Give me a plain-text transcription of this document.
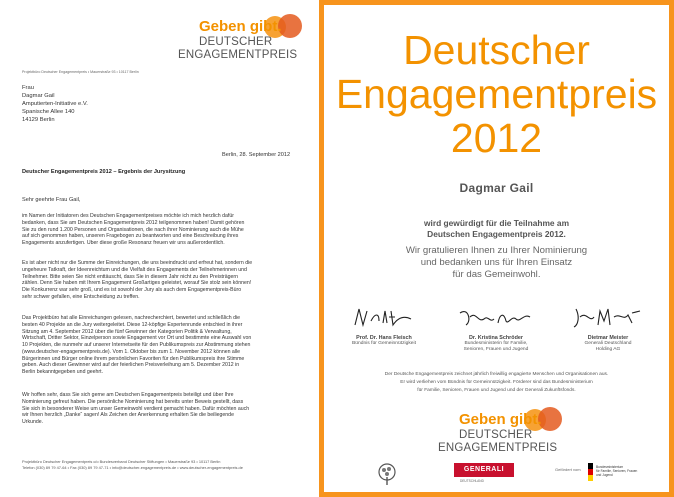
Geben gibt.
DEUTSCHER
ENGAGEMENTPREIS
Projektbüro Deutscher Engagementpreis • Mauerstraße 93 • 10117 Berlin
Frau
Dagmar Gail
Amputierten-Initiative e.V.
Spanische Allee 140
14129 Berlin
Berlin, 28. September 2012
Deutscher Engagementpreis 2012 – Ergebnis der Jurysitzung
Sehr geehrte Frau Gail,
im Namen der Initiatoren des Deutschen Engagementpreises möchte ich mich herzlich dafür
bedanken, dass Sie am Deutschen Engagementpreis 2012 teilgenommen haben! Damit gehören
Sie zu den rund 1.200 Personen und Organisationen, die nach ihrer Nominierung auch die Mühe
auf sich genommen haben, unseren Fragebogen zu beantworten und eine Beschreibung ihres
Engagements anzufertigen. Über diese große Resonanz freuen wir uns außerordentlich.
Es ist aber nicht nur die Summe der Einreichungen, die uns beeindruckt und erfreut hat, sondern die
ungeheure Tatkraft, der Ideenreichtum und die Vielfalt des Engagements der Teilnehmerinnen und
Teilnehmer. Bitte seien Sie nicht enttäuscht, dass Sie in diesem Jahr nicht zu den Preisträgern
zählen. Denn Sie haben mit Ihrem Engagement Großartiges geleistet, worauf Sie stolz sein können!
Die Konkurrenz war sehr groß, und es ist sowohl der Jury als auch dem Engagementpreis-Büro
sehr schwer gefallen, eine Entscheidung zu treffen.
Das Projektbüro hat alle Einreichungen gelesen, nachrecherchiert, bewertet und schließlich die
besten 40 Projekte an die Jury weitergeleitet. Diese 12-köpfige Expertenrunde entschied in ihrer
Sitzung am 4. September 2012 über die fünf Gewinner der Kategorien Politik & Verwaltung,
Wirtschaft, Dritter Sektor, Einzelperson sowie Engagement vor Ort und bestimmte eine Auswahl von
10 Projekten, die nunmehr auf unserer Internetseite für den Publikumspreis zur Abstimmung stehen
(www.deutscher-engagementpreis.de). Vom 1. Oktober bis zum 1. November 2012 können alle
Bürgerinnen und Bürger online ihrem persönlichen Favoriten für den Publikumspreis ihre Stimme
geben. Auch dieser Gewinner wird auf der feierlichen Preisverleihung am 5. Dezember 2012 in
Berlin bekanntgegeben und geehrt.
Wir hoffen sehr, dass Sie sich gerne am Deutschen Engagementpreis beteiligt und über Ihre
Nominierung gefreut haben. Die persönliche Nominierung hat bereits unter Beweis gestellt, dass
Sie sich in besonderer Weise um unser Gemeinwohl verdient gemacht haben. Dafür möchten auch
wir Ihnen herzlich „Danke“ sagen! Als Zeichen der Anerkennung erhalten Sie die beiliegende
Urkunde.
Projektbüro Deutscher Engagementpreis c/o Bundesverband Deutscher Stiftungen • Mauerstraße 93 • 10117 Berlin
Telefon (030) 89 79 47-64 • Fax (030) 89 79 47-71 • info@deutscher-engagementpreis.de • www.deutscher-engagementpreis.de
Deutscher
Engagementpreis
2012
Dagmar Gail
wird gewürdigt für die Teilnahme am
Deutschen Engagementpreis 2012.
Wir gratulieren Ihnen zu Ihrer Nominierung
und bedanken uns für Ihren Einsatz
für das Gemeinwohl.
Prof. Dr. Hans Fleisch
Bündnis für Gemeinnützigkeit
Dr. Kristina Schröder
Bundesministerin für Familie,
Senioren, Frauen und Jugend
Dietmar Meister
Generali Deutschland
Holding AG
Der Deutsche Engagementpreis zeichnet jährlich freiwillig engagierte Menschen und Organisationen aus.
Er wird verliehen vom Bündnis für Gemeinnützigkeit. Förderer sind das Bundesministerium
für Familie, Senioren, Frauen und Jugend und der Generali Zukunftsfonds.
Geben gibt.
DEUTSCHER
ENGAGEMENTPREIS
GENERALI
DEUTSCHLAND
Gefördert vom	Bundesministerium
für Familie, Senioren, Frauen
und Jugend
